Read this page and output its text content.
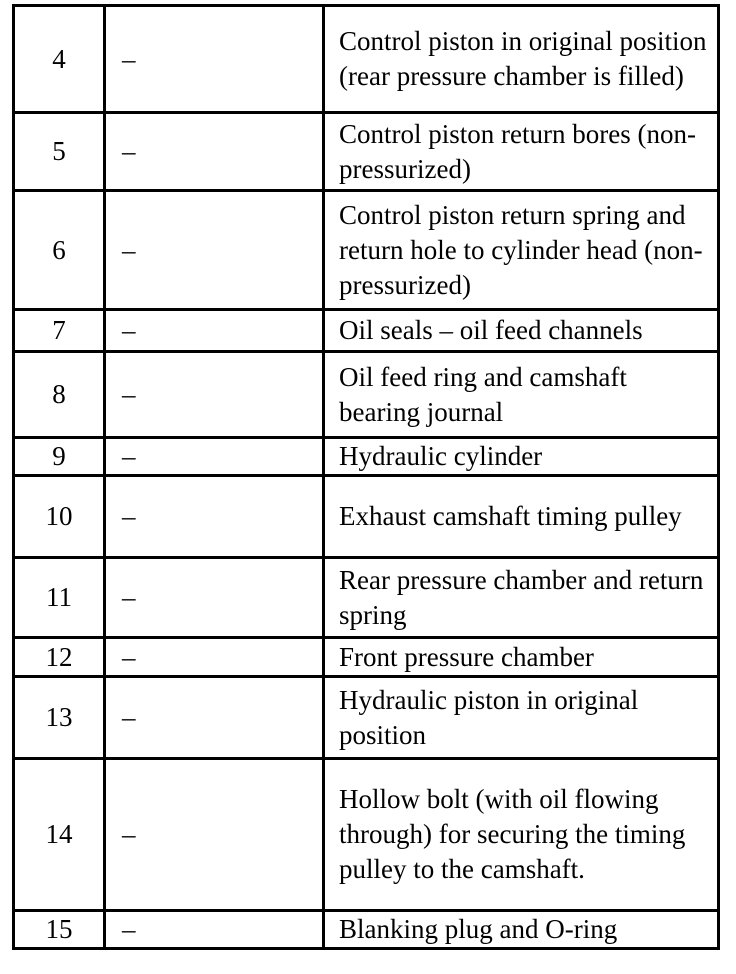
4	–	Control piston in original position (rear pressure chamber is filled)
5	–	Control piston return bores (non-pressurized)
6	–	Control piston return spring and return hole to cylinder head (non-pressurized)
7	–	Oil seals – oil feed channels
8	–	Oil feed ring and camshaft bearing journal
9	–	Hydraulic cylinder
10	–	Exhaust camshaft timing pulley
11	–	Rear pressure chamber and return spring
12	–	Front pressure chamber
13	–	Hydraulic piston in original position
14	–	Hollow bolt (with oil flowing through) for securing the timing pulley to the camshaft.
15	–	Blanking plug and O-ring
